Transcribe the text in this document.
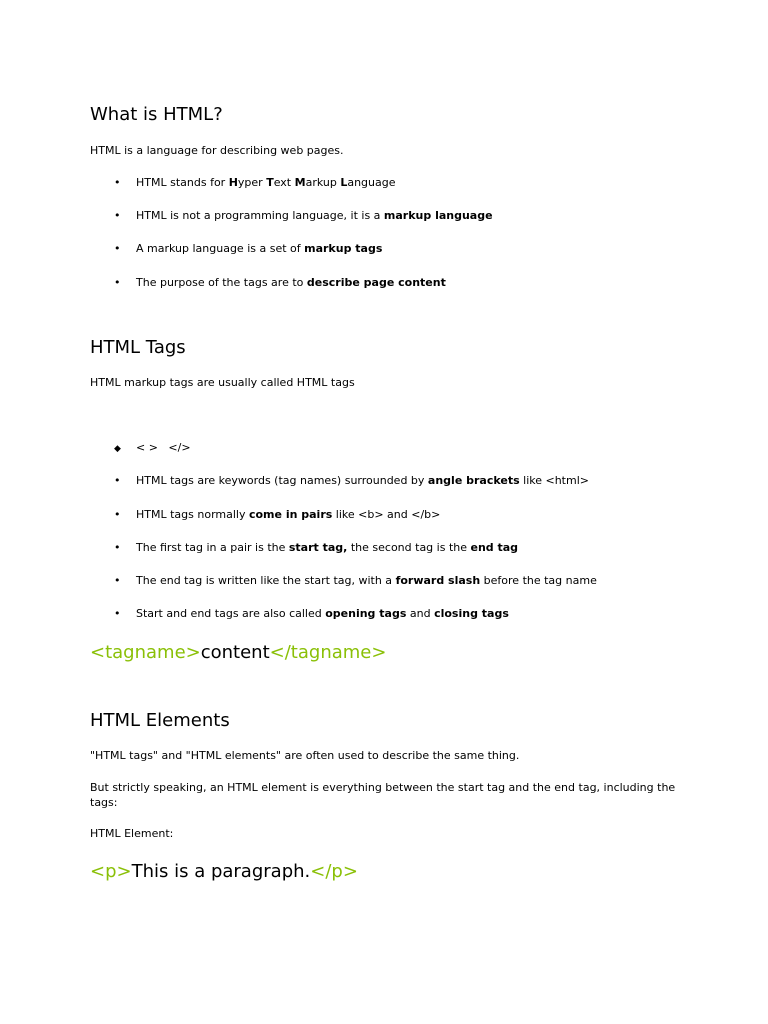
What is HTML?

HTML is a language for describing web pages.

• HTML stands for Hyper Text Markup Language

• HTML is not a programming language, it is a markup language

• A markup language is a set of markup tags

• The purpose of the tags are to describe page content

HTML Tags

HTML markup tags are usually called HTML tags

◆ < >   </>

• HTML tags are keywords (tag names) surrounded by angle brackets like <html>

• HTML tags normally come in pairs like <b> and </b>

• The first tag in a pair is the start tag, the second tag is the end tag

• The end tag is written like the start tag, with a forward slash before the tag name

• Start and end tags are also called opening tags and closing tags

<tagname>content</tagname>
HTML Elements

"HTML tags" and "HTML elements" are often used to describe the same thing.

But strictly speaking, an HTML element is everything between the start tag and the end tag, including the tags:

HTML Element:

<p>This is a paragraph.</p>
